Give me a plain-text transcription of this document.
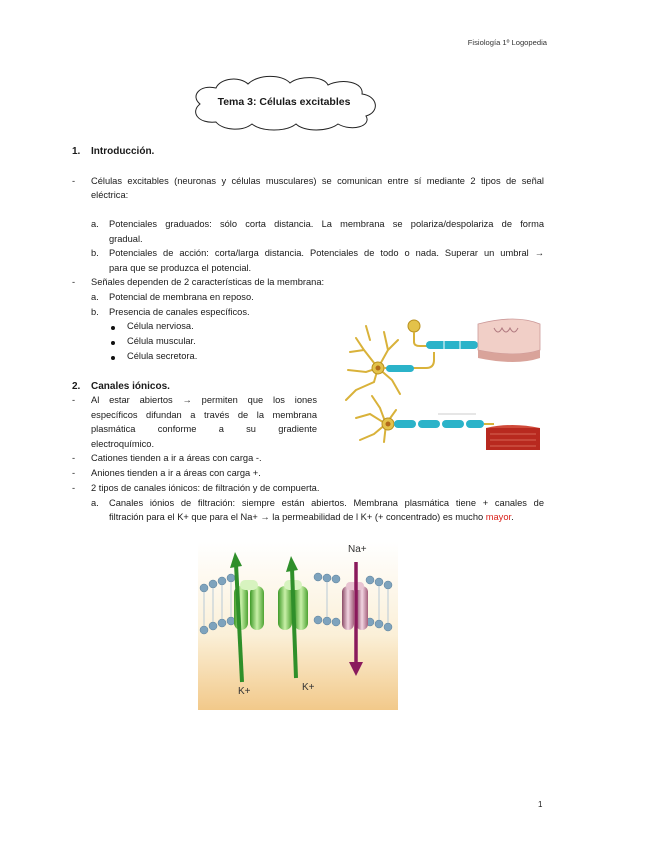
Fisiología 1º Logopedia
Tema 3: Células excitables
1. Introducción.
- Células excitables (neuronas y células musculares) se comunican entre sí mediante 2 tipos de señal
eléctrica:
a. Potenciales graduados: sólo corta distancia. La membrana se polariza/despolariza de forma
gradual.
b. Potenciales de acción: corta/larga distancia. Potenciales de todo o nada. Superar un umbral →
para que se produzca el potencial.
- Señales dependen de 2 características de la membrana:
a. Potencial de membrana en reposo.
b. Presencia de canales específicos.
Célula nerviosa.
Célula muscular.
Célula secretora.
2. Canales iónicos.
- Al estar abiertos → permiten que los iones
específicos difundan a través de la membrana
plasmática conforme a su gradiente
electroquímico.
- Cationes tienden a ir a áreas con carga -.
- Aniones tienden a ir a áreas con carga +.
- 2 tipos de canales iónicos: de filtración y de compuerta.
a. Canales iónios de filtración: siempre están abiertos. Membrana plasmática tiene + canales de
filtración para el K+ que para el Na+ → la permeabilidad de l K+ (+ concentrado) es mucho mayor.
Na+
K+	K+
1
